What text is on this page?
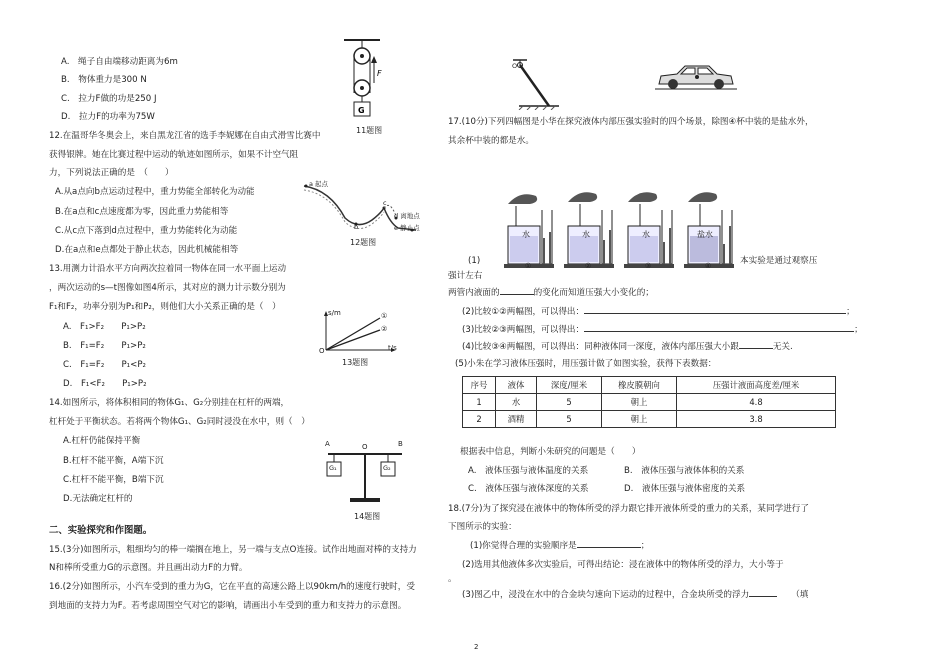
A.　绳子自由端移动距离为6m
B.　物体重力是300 N
C.　拉力F做的功是250 J
D.　拉力F的功率为75W
G
F
11题图
12.在温哥华冬奥会上，来自黑龙江省的选手李妮娜在自由式滑雪比赛中
获得银牌。她在比赛过程中运动的轨迹如图所示，如果不计空气阻
力，下列说法正确的是　（　　）
A.从a点向b点运动过程中，重力势能全部转化为动能
B.在a点和c点速度都为零，因此重力势能相等
C.从c点下落到d点过程中，重力势能转化为动能
D.在a点和e点都处于静止状态，因此机械能相等
a 起点
b
c
d 离地点
e 静止点
12题图
13.用测力计沿水平方向两次拉着同一物体在同一水平面上运动
，两次运动的s—t图像如图4所示，其对应的测力计示数分别为
F₁和F₂，功率分别为P₁和P₂，则他们大小关系正确的是（　）
A.　F₁>F₂　　P₁>P₂
B.　F₁=F₂　　P₁>P₂
C.　F₁=F₂　　P₁<P₂
D.　F₁<F₂　　P₁>P₂
s/m
t/s
O
①
②
13题图
14.如图所示，将体积相同的物体G₁、G₂分别挂在杠杆的两端，
杠杆处于平衡状态。若将两个物体G₁、G₂同时浸没在水中，则（　）
A.杠杆仍能保持平衡
B.杠杆不能平衡，A端下沉
C.杠杆不能平衡，B端下沉
D.无法确定杠杆的
A	O	B
G₁	G₂
14题图
二、实验探究和作图题。
15.(3分)如图所示，粗细均匀的棒一端搁在地上，另一端与支点O连接。试作出地面对棒的支持力
N和棒所受重力G的示意图。并且画出动力F的力臂。
16.(2分)如图所示，小汽车受到的重力为G，它在平直的高速公路上以90km/h的速度行驶时，受
到地面的支持力为F。若考虑周围空气对它的影响，请画出小车受到的重力和支持力的示意图。
2
O
17.(10分)下列四幅图是小华在探究液体内部压强实验时的四个场景，除图④杯中装的是盐水外，
其余杯中装的都是水。
水	水	水	盐水
①	②	③	④
(1)	本实验是通过观察压
强计左右
两管内液面的	的变化而知道压强大小变化的；
(2)比较①②两幅图，可以得出：	；
(3)比较②③两幅图，可以得出：	；
(4)比较③④两幅图，可以得出：同种液体同一深度，液体内部压强大小跟	无关.
(5)小朱在学习液体压强时，用压强计做了如图实验，获得下表数据：
序号	液体	深度/厘米	橡皮膜朝向	压强计液面高度差/厘米
1	水	5	朝上	4.8
2	酒精	5	朝上	3.8
根据表中信息，判断小朱研究的问题是（　　）
A.　液体压强与液体温度的关系	B.　液体压强与液体体积的关系
C.　液体压强与液体深度的关系	D.　液体压强与液体密度的关系
18.(7分)为了探究浸在液体中的物体所受的浮力跟它排开液体所受的重力的关系，某同学进行了
下图所示的实验：
(1)你觉得合理的实验顺序是	；
(2)选用其他液体多次实验后，可得出结论：浸在液体中的物体所受的浮力，大小等于
。
(3)图乙中，浸没在水中的合金块匀速向下运动的过程中，合金块所受的浮力	（填
